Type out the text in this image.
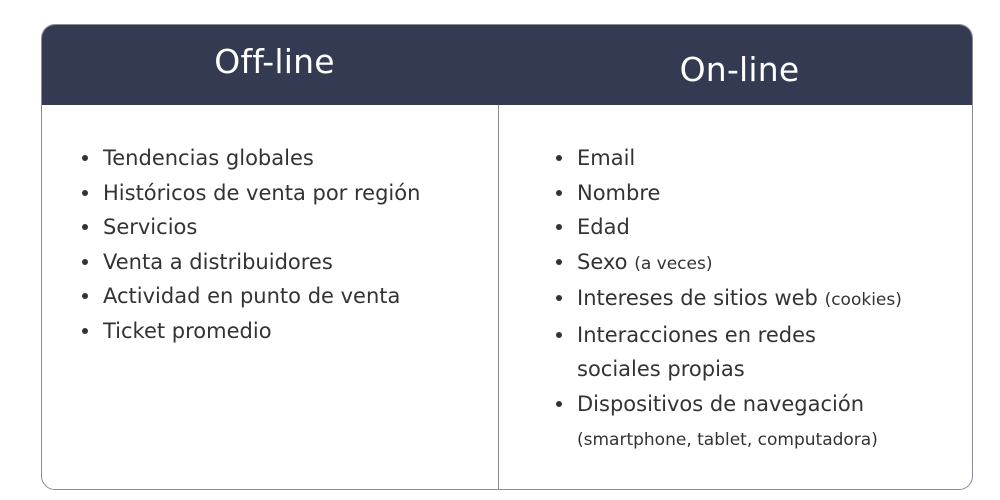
Off-line	On-line
Tendencias globales
Históricos de venta por región
Servicios
Venta a distribuidores
Actividad en punto de venta
Ticket promedio
Email
Nombre
Edad
Sexo (a veces)
Intereses de sitios web (cookies)
Interacciones en redes
sociales propias
Dispositivos de navegación
(smartphone, tablet, computadora)
